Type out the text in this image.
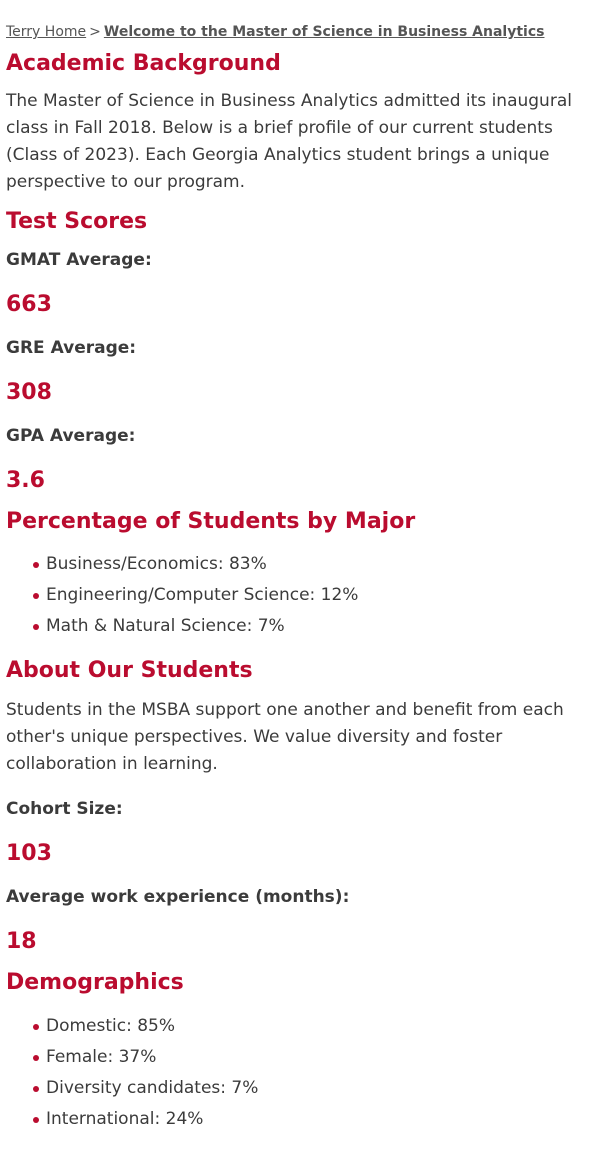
Terry Home > Welcome to the Master of Science in Business Analytics

Academic Background

The Master of Science in Business Analytics admitted its inaugural class in Fall 2018. Below is a brief profile of our current students (Class of 2023). Each Georgia Analytics student brings a unique perspective to our program.

Test Scores

GMAT Average:

663

GRE Average:

308

GPA Average:

3.6

Percentage of Students by Major
Business/Economics: 83%
Engineering/Computer Science: 12%
Math & Natural Science: 7%
About Our Students

Students in the MSBA support one another and benefit from each other's unique perspectives. We value diversity and foster collaboration in learning.

Cohort Size:

103

Average work experience (months):

18

Demographics
Domestic: 85%
Female: 37%
Diversity candidates: 7%
International: 24%
